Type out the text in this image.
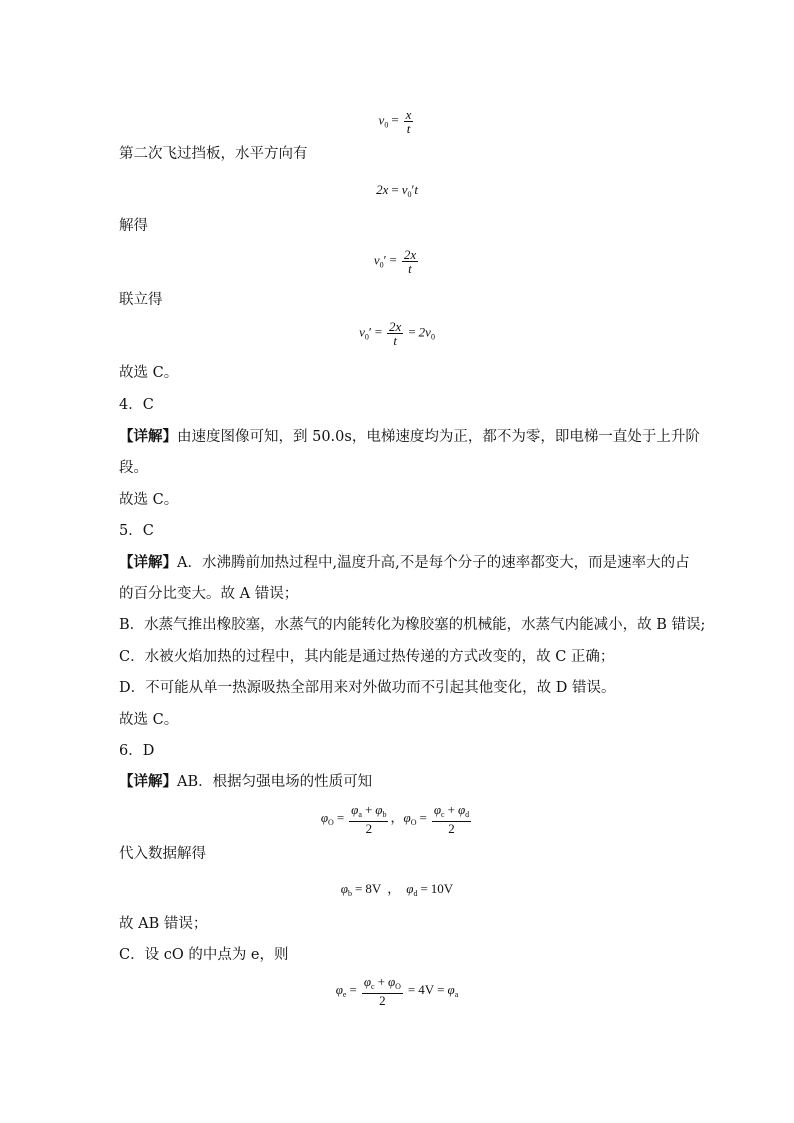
$v_0 = \frac{x}{t}$
第二次飞过挡板，水平方向有
$2x = v_0't$
解得
$v_0' = \frac{2x}{t}$
联立得
$v_0' = \frac{2x}{t} = 2v_0$
故选 C。
4．C
【详解】由速度图像可知，到 50.0s，电梯速度均为正，都不为零，即电梯一直处于上升阶
段。
故选 C。
5．C
【详解】A．水沸腾前加热过程中,温度升高,不是每个分子的速率都变大，而是速率大的占
的百分比变大。故 A 错误；
B．水蒸气推出橡胶塞，水蒸气的内能转化为橡胶塞的机械能，水蒸气内能减小，故 B 错误;
C．水被火焰加热的过程中，其内能是通过热传递的方式改变的，故 C 正确；
D．不可能从单一热源吸热全部用来对外做功而不引起其他变化，故 D 错误。
故选 C。
6．D
【详解】AB．根据匀强电场的性质可知
$\varphi_O = \frac{\varphi_a + \varphi_b}{2}$ ，$\varphi_O = \frac{\varphi_c + \varphi_d}{2}$
代入数据解得
$\varphi_b = 8V$ ， $\varphi_d = 10V$
故 AB 错误；
C．设 cO 的中点为 e，则
$\varphi_e = \frac{\varphi_c + \varphi_O}{2} = 4V = \varphi_a$
